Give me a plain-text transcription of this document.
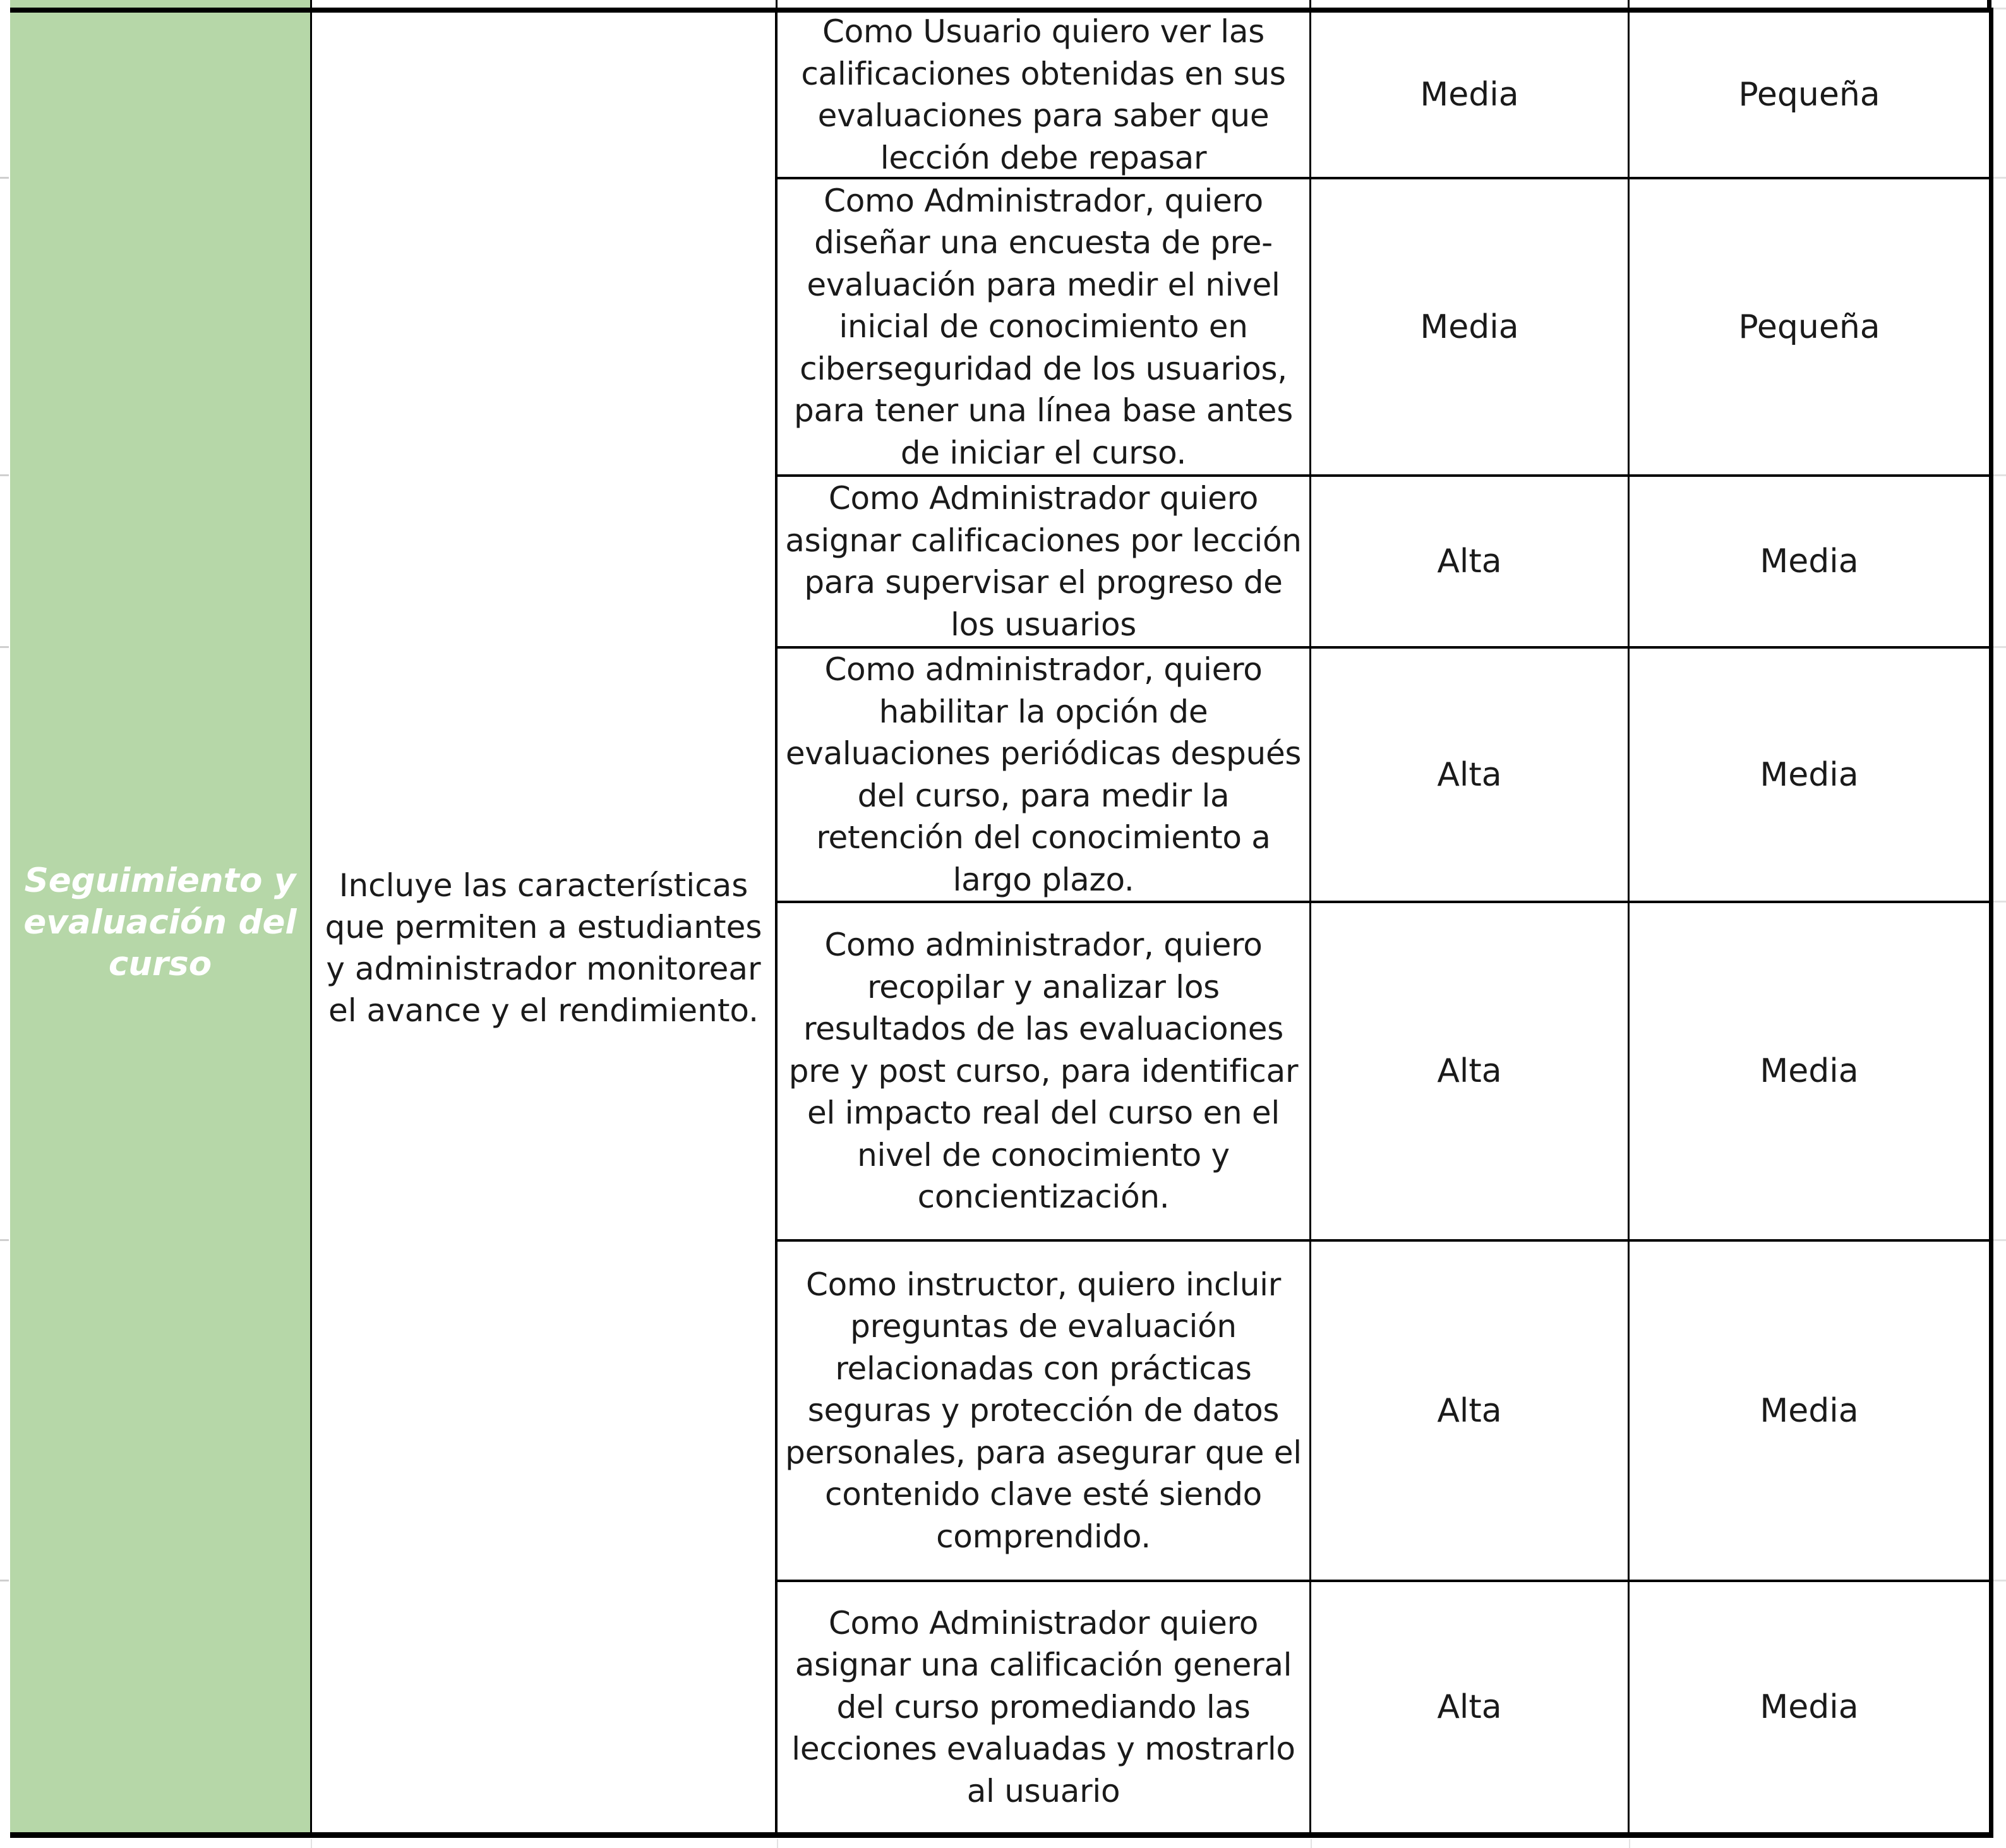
Seguimiento y evaluación del curso
Incluye las características que permiten a estudiantes y administrador monitorear el avance y el rendimiento.
Como Usuario quiero ver las calificaciones obtenidas en sus evaluaciones para saber que lección debe repasar
Media	Pequeña
Como Administrador, quiero diseñar una encuesta de pre-evaluación para medir el nivel inicial de conocimiento en ciberseguridad de los usuarios, para tener una línea base antes de iniciar el curso.
Media	Pequeña
Como Administrador quiero asignar calificaciones por lección para supervisar el progreso de los usuarios
Alta	Media
Como administrador, quiero habilitar la opción de evaluaciones periódicas después del curso, para medir la retención del conocimiento a largo plazo.
Alta	Media
Como administrador, quiero recopilar y analizar los resultados de las evaluaciones pre y post curso, para identificar el impacto real del curso en el nivel de conocimiento y concientización.
Alta	Media
Como instructor, quiero incluir preguntas de evaluación relacionadas con prácticas seguras y protección de datos personales, para asegurar que el contenido clave esté siendo comprendido.
Alta	Media
Como Administrador quiero asignar una calificación general del curso promediando las lecciones evaluadas y mostrarlo al usuario
Alta	Media
